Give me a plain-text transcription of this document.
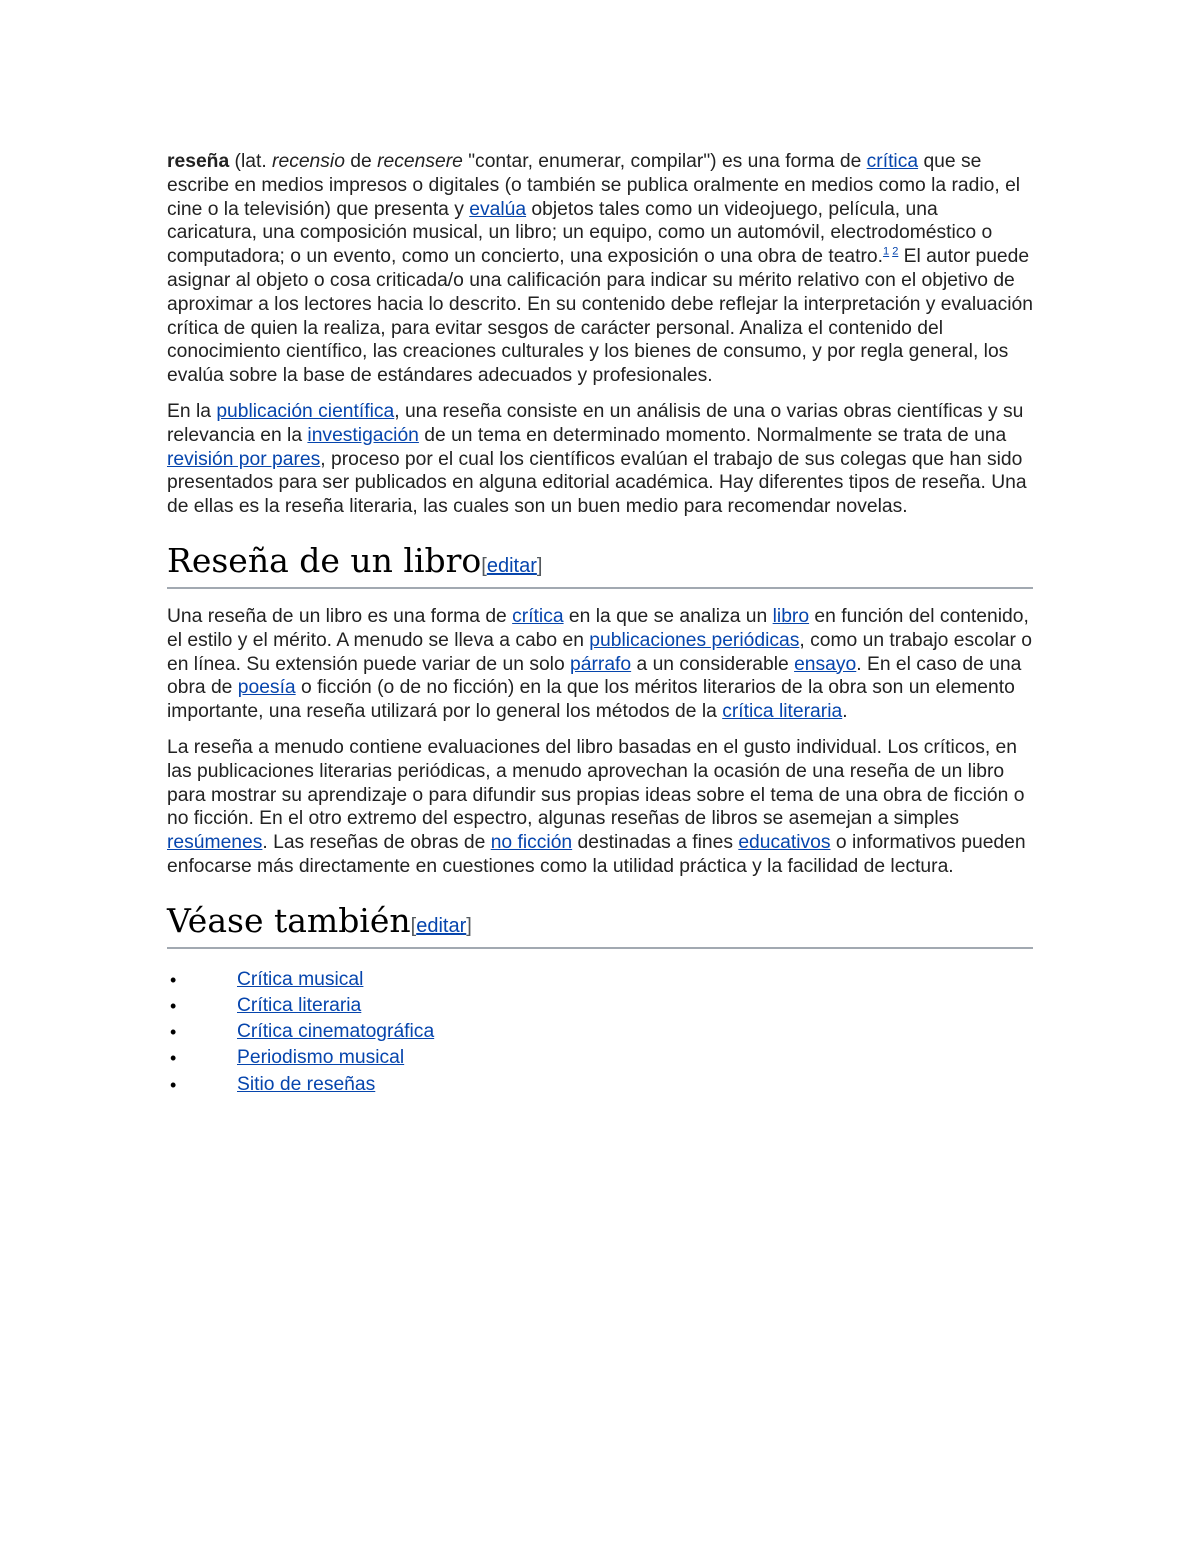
reseña (lat. recensio de recensere "contar, enumerar, compilar") es una forma de crítica que se escribe en medios impresos o digitales (o también se publica oralmente en medios como la radio, el cine o la televisión) que presenta y evalúa objetos tales como un videojuego, película, una caricatura, una composición musical, un libro; un equipo, como un automóvil, electrodoméstico o computadora; o un evento, como un concierto, una exposición o una obra de teatro.$^{1 2}$ El autor puede asignar al objeto o cosa criticada/o una calificación para indicar su mérito relativo con el objetivo de aproximar a los lectores hacia lo descrito. En su contenido debe reflejar la interpretación y evaluación crítica de quien la realiza, para evitar sesgos de carácter personal. Analiza el contenido del conocimiento científico, las creaciones culturales y los bienes de consumo, y por regla general, los evalúa sobre la base de estándares adecuados y profesionales.

En la publicación científica, una reseña consiste en un análisis de una o varias obras científicas y su relevancia en la investigación de un tema en determinado momento. Normalmente se trata de una revisión por pares, proceso por el cual los científicos evalúan el trabajo de sus colegas que han sido presentados para ser publicados en alguna editorial académica. Hay diferentes tipos de reseña. Una de ellas es la reseña literaria, las cuales son un buen medio para recomendar novelas.

Reseña de un libro[editar]

Una reseña de un libro es una forma de crítica en la que se analiza un libro en función del contenido, el estilo y el mérito. A menudo se lleva a cabo en publicaciones periódicas, como un trabajo escolar o en línea. Su extensión puede variar de un solo párrafo a un considerable ensayo. En el caso de una obra de poesía o ficción (o de no ficción) en la que los méritos literarios de la obra son un elemento importante, una reseña utilizará por lo general los métodos de la crítica literaria.

La reseña a menudo contiene evaluaciones del libro basadas en el gusto individual. Los críticos, en las publicaciones literarias periódicas, a menudo aprovechan la ocasión de una reseña de un libro para mostrar su aprendizaje o para difundir sus propias ideas sobre el tema de una obra de ficción o no ficción. En el otro extremo del espectro, algunas reseñas de libros se asemejan a simples resúmenes. Las reseñas de obras de no ficción destinadas a fines educativos o informativos pueden enfocarse más directamente en cuestiones como la utilidad práctica y la facilidad de lectura.

Véase también[editar]
•	Crítica musical
•	Crítica literaria
•	Crítica cinematográfica
•	Periodismo musical
•	Sitio de reseñas
